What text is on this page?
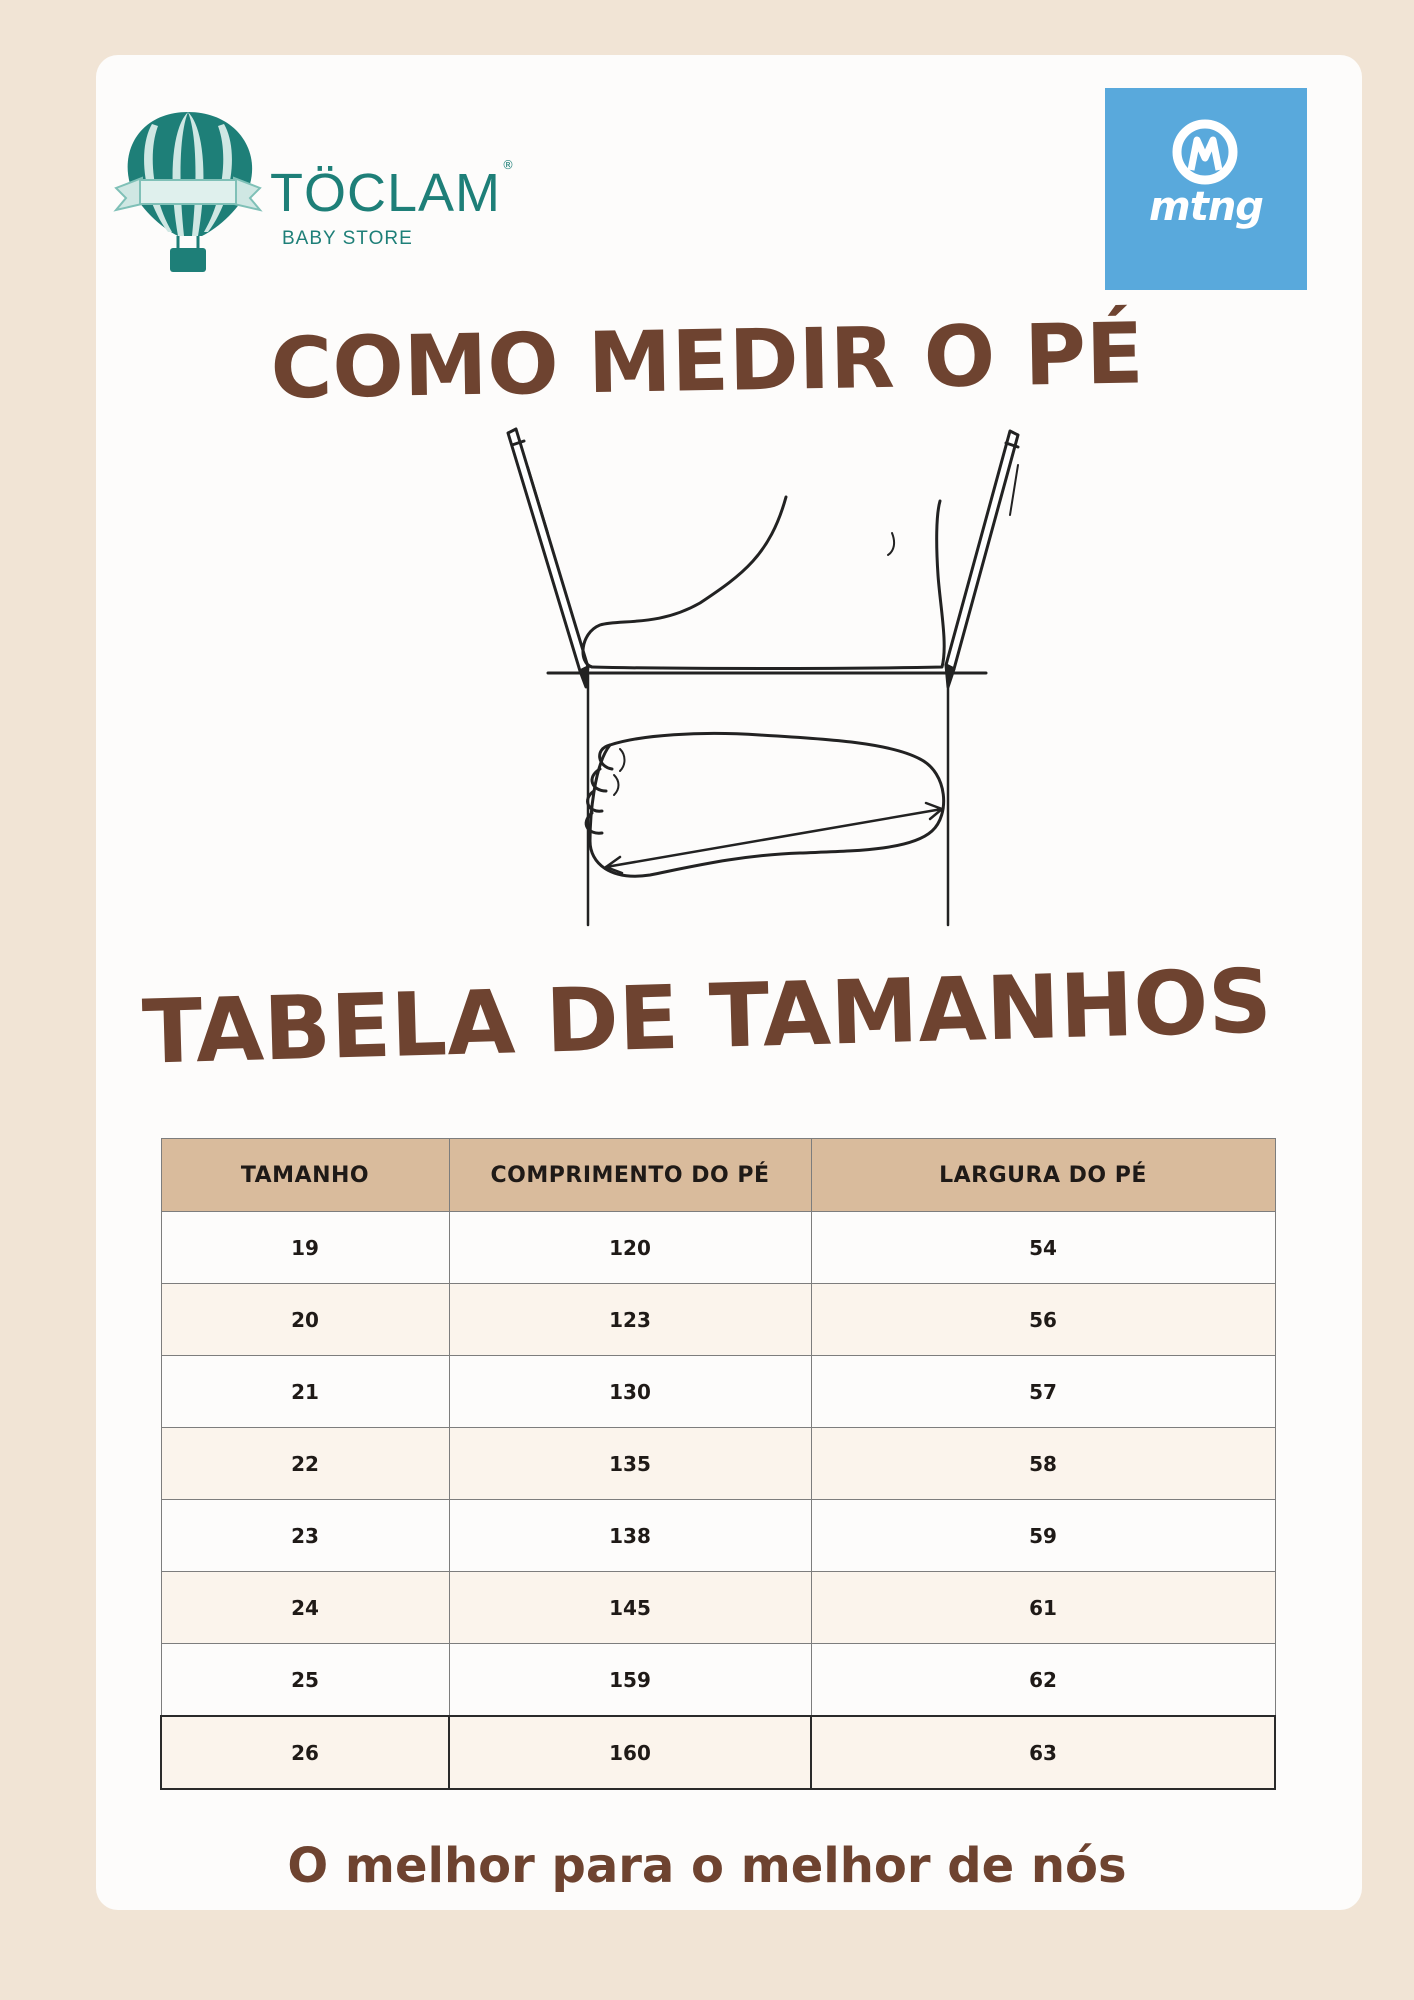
TÖCLAM ®
BABY STORE
mtng
COMO MEDIR O PÉ
TABELA DE TAMANHOS
TAMANHO	COMPRIMENTO DO PÉ	LARGURA DO PÉ
19	120	54
20	123	56
21	130	57
22	135	58
23	138	59
24	145	61
25	159	62
26	160	63
O melhor para o melhor de nós
